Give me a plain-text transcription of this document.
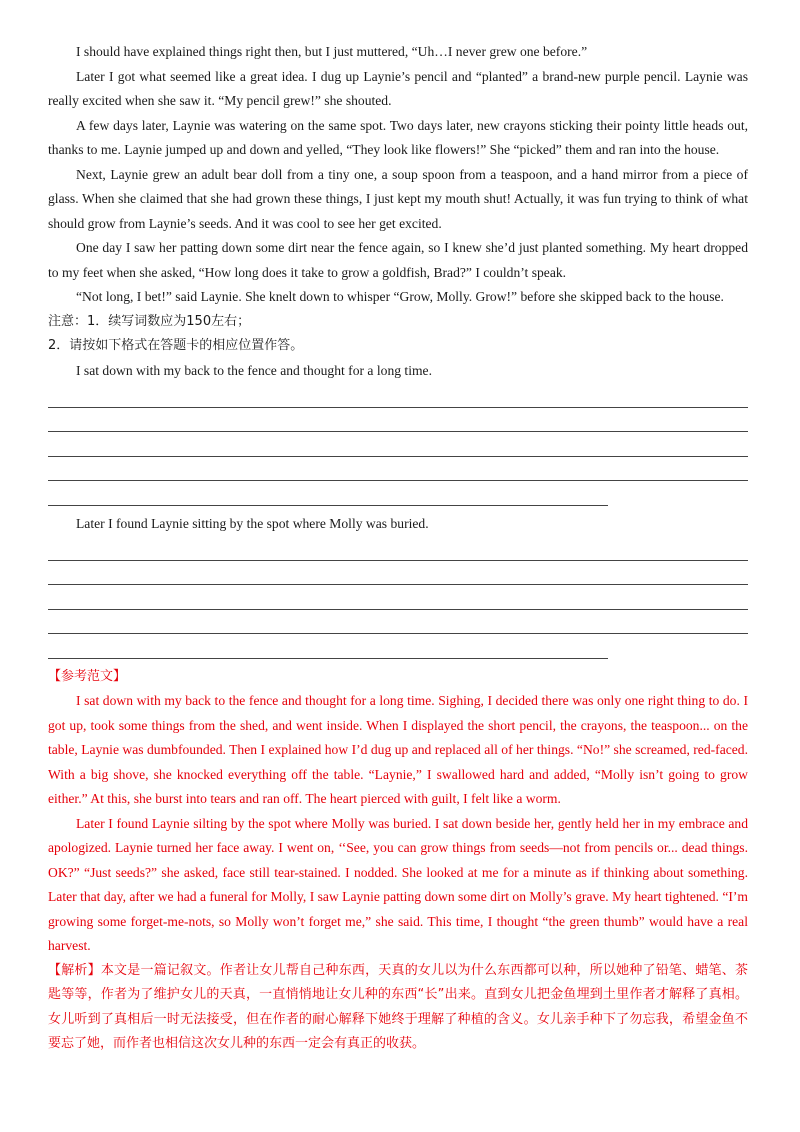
I should have explained things right then, but I just muttered, “Uh…I never grew one before.”

Later I got what seemed like a great idea. I dug up Laynie’s pencil and “planted” a brand-new purple pencil. Laynie was really excited when she saw it. “My pencil grew!” she shouted.

A few days later, Laynie was watering on the same spot. Two days later, new crayons sticking their pointy little heads out, thanks to me. Laynie jumped up and down and yelled, “They look like flowers!” She “picked” them and ran into the house.

Next, Laynie grew an adult bear doll from a tiny one, a soup spoon from a teaspoon, and a hand mirror from a piece of glass. When she claimed that she had grown these things, I just kept my mouth shut! Actually, it was fun trying to think of what should grow from Laynie’s seeds. And it was cool to see her get excited.

One day I saw her patting down some dirt near the fence again, so I knew she’d just planted something. My heart dropped to my feet when she asked, “How long does it take to grow a goldfish, Brad?” I couldn’t speak.

“Not long, I bet!” said Laynie. She knelt down to whisper “Grow, Molly. Grow!” before she skipped back to the house.

注意：1．续写词数应为150左右；

2．请按如下格式在答题卡的相应位置作答。

I sat down with my back to the fence and thought for a long time.

Later I found Laynie sitting by the spot where Molly was buried.

【参考范文】

I sat down with my back to the fence and thought for a long time. Sighing, I decided there was only one right thing to do. I got up, took some things from the shed, and went inside. When I displayed the short pencil, the crayons, the teaspoon... on the table, Laynie was dumbfounded. Then I explained how I’d dug up and replaced all of her things. “No!” she screamed, red-faced. With a big shove, she knocked everything off the table. “Laynie,” I swallowed hard and added, “Molly isn’t going to grow either.” At this, she burst into tears and ran off. The heart pierced with guilt, I felt like a worm.

Later I found Laynie silting by the spot where Molly was buried. I sat down beside her, gently held her in my embrace and apologized. Laynie turned her face away. I went on, ‘‘See, you can grow things from seeds—not from pencils or... dead things. OK?” “Just seeds?” she asked, face still tear-stained. I nodded. She looked at me for a minute as if thinking about something. Later that day, after we had a funeral for Molly, I saw Laynie patting down some dirt on Molly’s grave. My heart tightened. “I’m growing some forget-me-nots, so Molly won’t forget me,” she said. This time, I thought “the green thumb” would have a real harvest.

【解析】本文是一篇记叙文。作者让女儿帮自己种东西，天真的女儿以为什么东西都可以种，所以她种了铅笔、蜡笔、茶匙等等，作者为了维护女儿的天真，一直悄悄地让女儿种的东西“长”出来。直到女儿把金鱼埋到土里作者才解释了真相。女儿听到了真相后一时无法接受，但在作者的耐心解释下她终于理解了种植的含义。女儿亲手种下了勿忘我，希望金鱼不要忘了她，而作者也相信这次女儿种的东西一定会有真正的收获。
